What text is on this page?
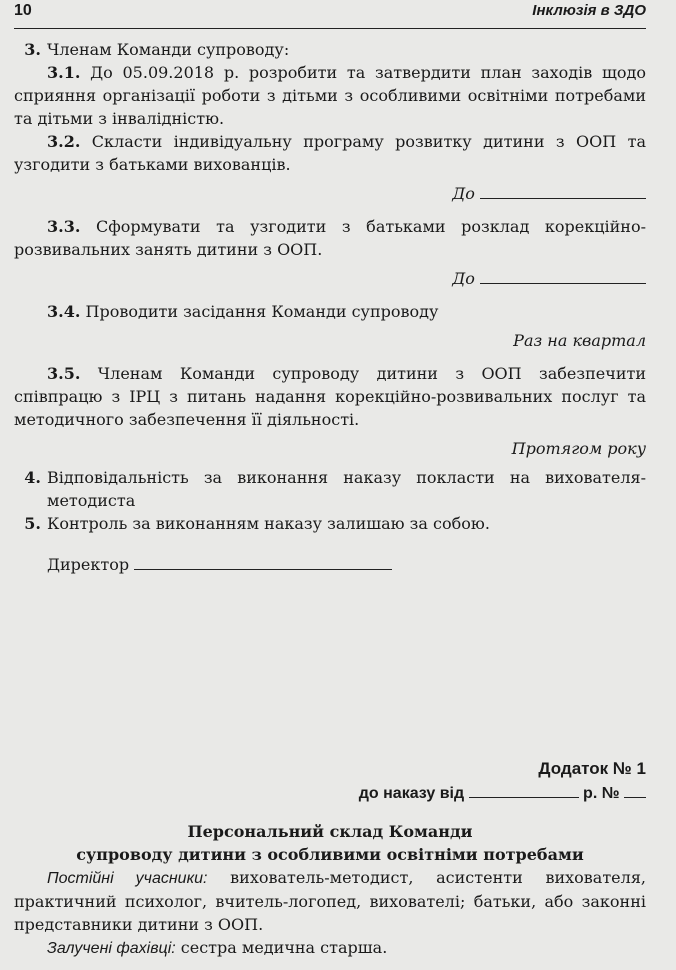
10	Інклюзія в ЗДО
3. Членам Команди супроводу:

3.1. До 05.09.2018 р. розробити та затвердити план заходів щодо сприяння організації роботи з дітьми з особливими освітніми потребами та дітьми з інвалідністю.

3.2. Скласти індивідуальну програму розвитку дитини з ООП та узгодити з батьками вихованців.

До

3.3. Сформувати та узгодити з батьками розклад корекційно-розвивальних занять дитини з ООП.

До

3.4. Проводити засідання Команди супроводу

Раз на квартал

3.5. Членам Команди супроводу дитини з ООП забезпечити співпрацю з ІРЦ з питань надання корекційно-розвивальних послуг та методичного забезпечення її діяльності.

Протягом року

4. Відповідальність за виконання наказу покласти на вихователя-методиста
5. Контроль за виконанням наказу залишаю за собою.

Директор

Додаток № 1
до наказу від	р. №
Персональний склад Команди
супроводу дитини з особливими освітніми потребами

Постійні учасники: вихователь-методист, асистенти вихователя, практичний психолог, вчитель-логопед, вихователі; батьки, або законні представники дитини з ООП.

Залучені фахівці: сестра медична старша.
